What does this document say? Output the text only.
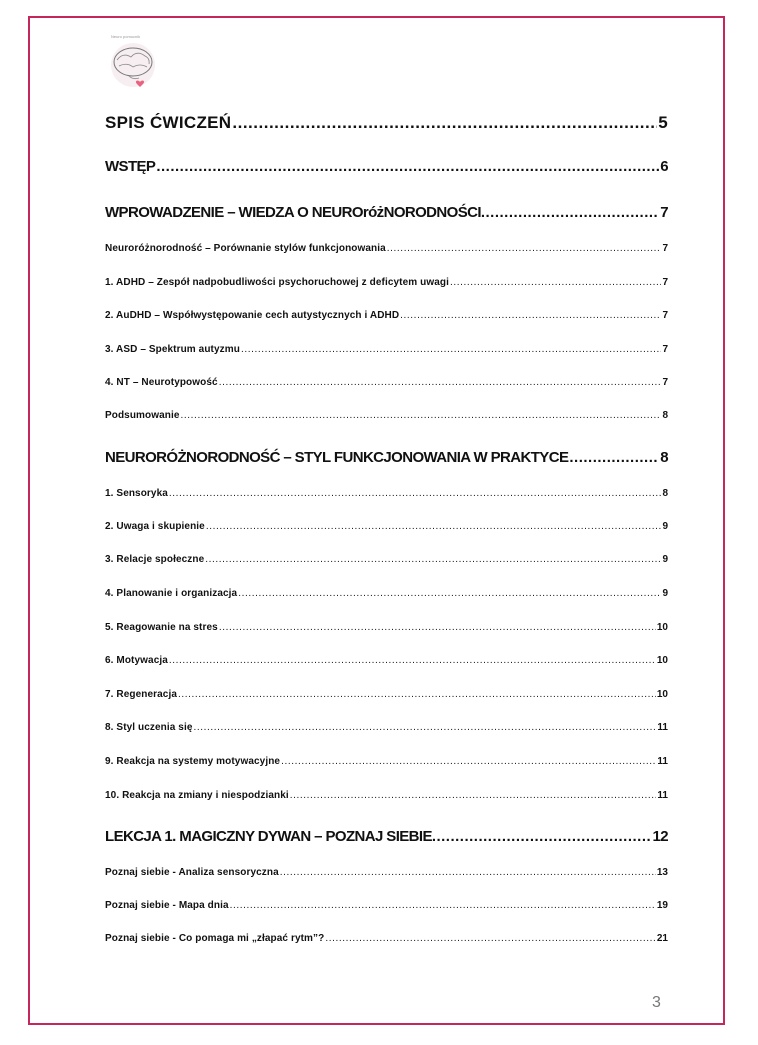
Neuro pomocnik
SPIS ĆWICZEŃ .....	5
WSTĘP .....	6
WPROWADZENIE – WIEDZA O NEUROróżNORODNOŚCI. .....	7
Neuroróżnorodność – Porównanie stylów funkcjonowania .....	7
1. ADHD – Zespół nadpobudliwości psychoruchowej z deficytem uwagi .....	7
2. AuDHD – Współwystępowanie cech autystycznych i ADHD .....	7
3. ASD – Spektrum autyzmu .....	7
4. NT – Neurotypowość .....	7
Podsumowanie .....	8
NEURORÓŻNORODNOŚĆ – STYL FUNKCJONOWANIA W PRAKTYCE .....	8
1. Sensoryka .....	8
2. Uwaga i skupienie .....	9
3. Relacje społeczne .....	9
4. Planowanie i organizacja .....	9
5. Reagowanie na stres .....	10
6. Motywacja .....	10
7. Regeneracja .....	10
8. Styl uczenia się .....	11
9. Reakcja na systemy motywacyjne .....	11
10. Reakcja na zmiany i niespodzianki .....	11
LEKCJA 1. MAGICZNY DYWAN – POZNAJ SIEBIE. .....	12
Poznaj siebie - Analiza sensoryczna .....	13
Poznaj siebie - Mapa dnia .....	19
Poznaj siebie - Co pomaga mi „złapać rytm”? .....	21
3
